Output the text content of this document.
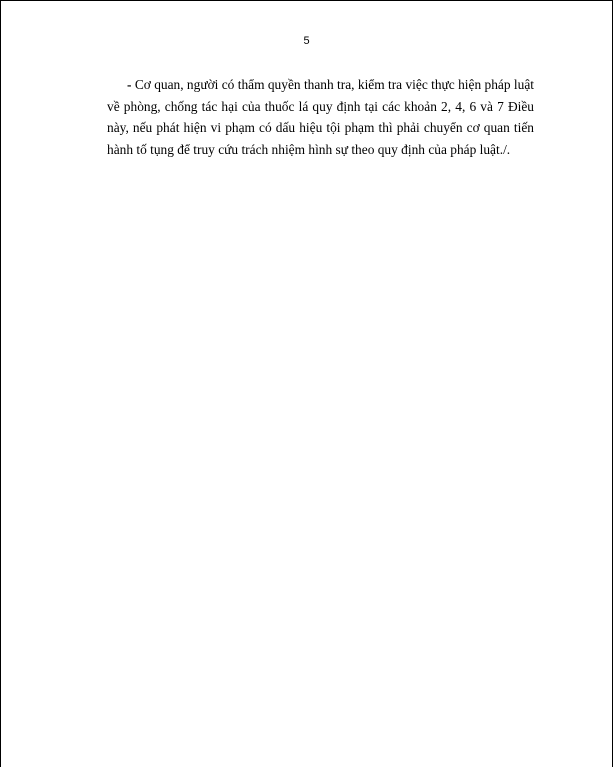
5

- Cơ quan, người có thẩm quyền thanh tra, kiểm tra việc thực hiện pháp luật về phòng, chống tác hại của thuốc lá quy định tại các khoản 2, 4, 6 và 7 Điều này, nếu phát hiện vi phạm có dấu hiệu tội phạm thì phải chuyển cơ quan tiến hành tố tụng để truy cứu trách nhiệm hình sự theo quy định của pháp luật./.
